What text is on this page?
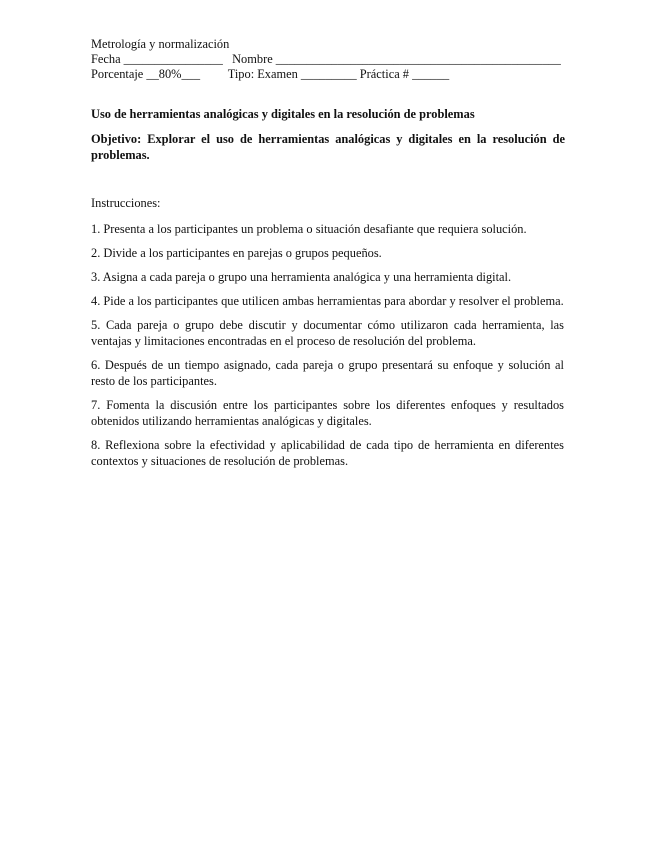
Metrología y normalización
Fecha ________________   Nombre ______________________________________________
Porcentaje __80%___         Tipo: Examen _________ Práctica # ______
Uso de herramientas analógicas y digitales en la resolución de problemas
Objetivo: Explorar el uso de herramientas analógicas y digitales en la resolución de problemas.
Instrucciones:
1. Presenta a los participantes un problema o situación desafiante que requiera solución.
2. Divide a los participantes en parejas o grupos pequeños.
3. Asigna a cada pareja o grupo una herramienta analógica y una herramienta digital.
4. Pide a los participantes que utilicen ambas herramientas para abordar y resolver el problema.
5. Cada pareja o grupo debe discutir y documentar cómo utilizaron cada herramienta, las ventajas y limitaciones encontradas en el proceso de resolución del problema.
6. Después de un tiempo asignado, cada pareja o grupo presentará su enfoque y solución al resto de los participantes.
7. Fomenta la discusión entre los participantes sobre los diferentes enfoques y resultados obtenidos utilizando herramientas analógicas y digitales.
8. Reflexiona sobre la efectividad y aplicabilidad de cada tipo de herramienta en diferentes contextos y situaciones de resolución de problemas.
